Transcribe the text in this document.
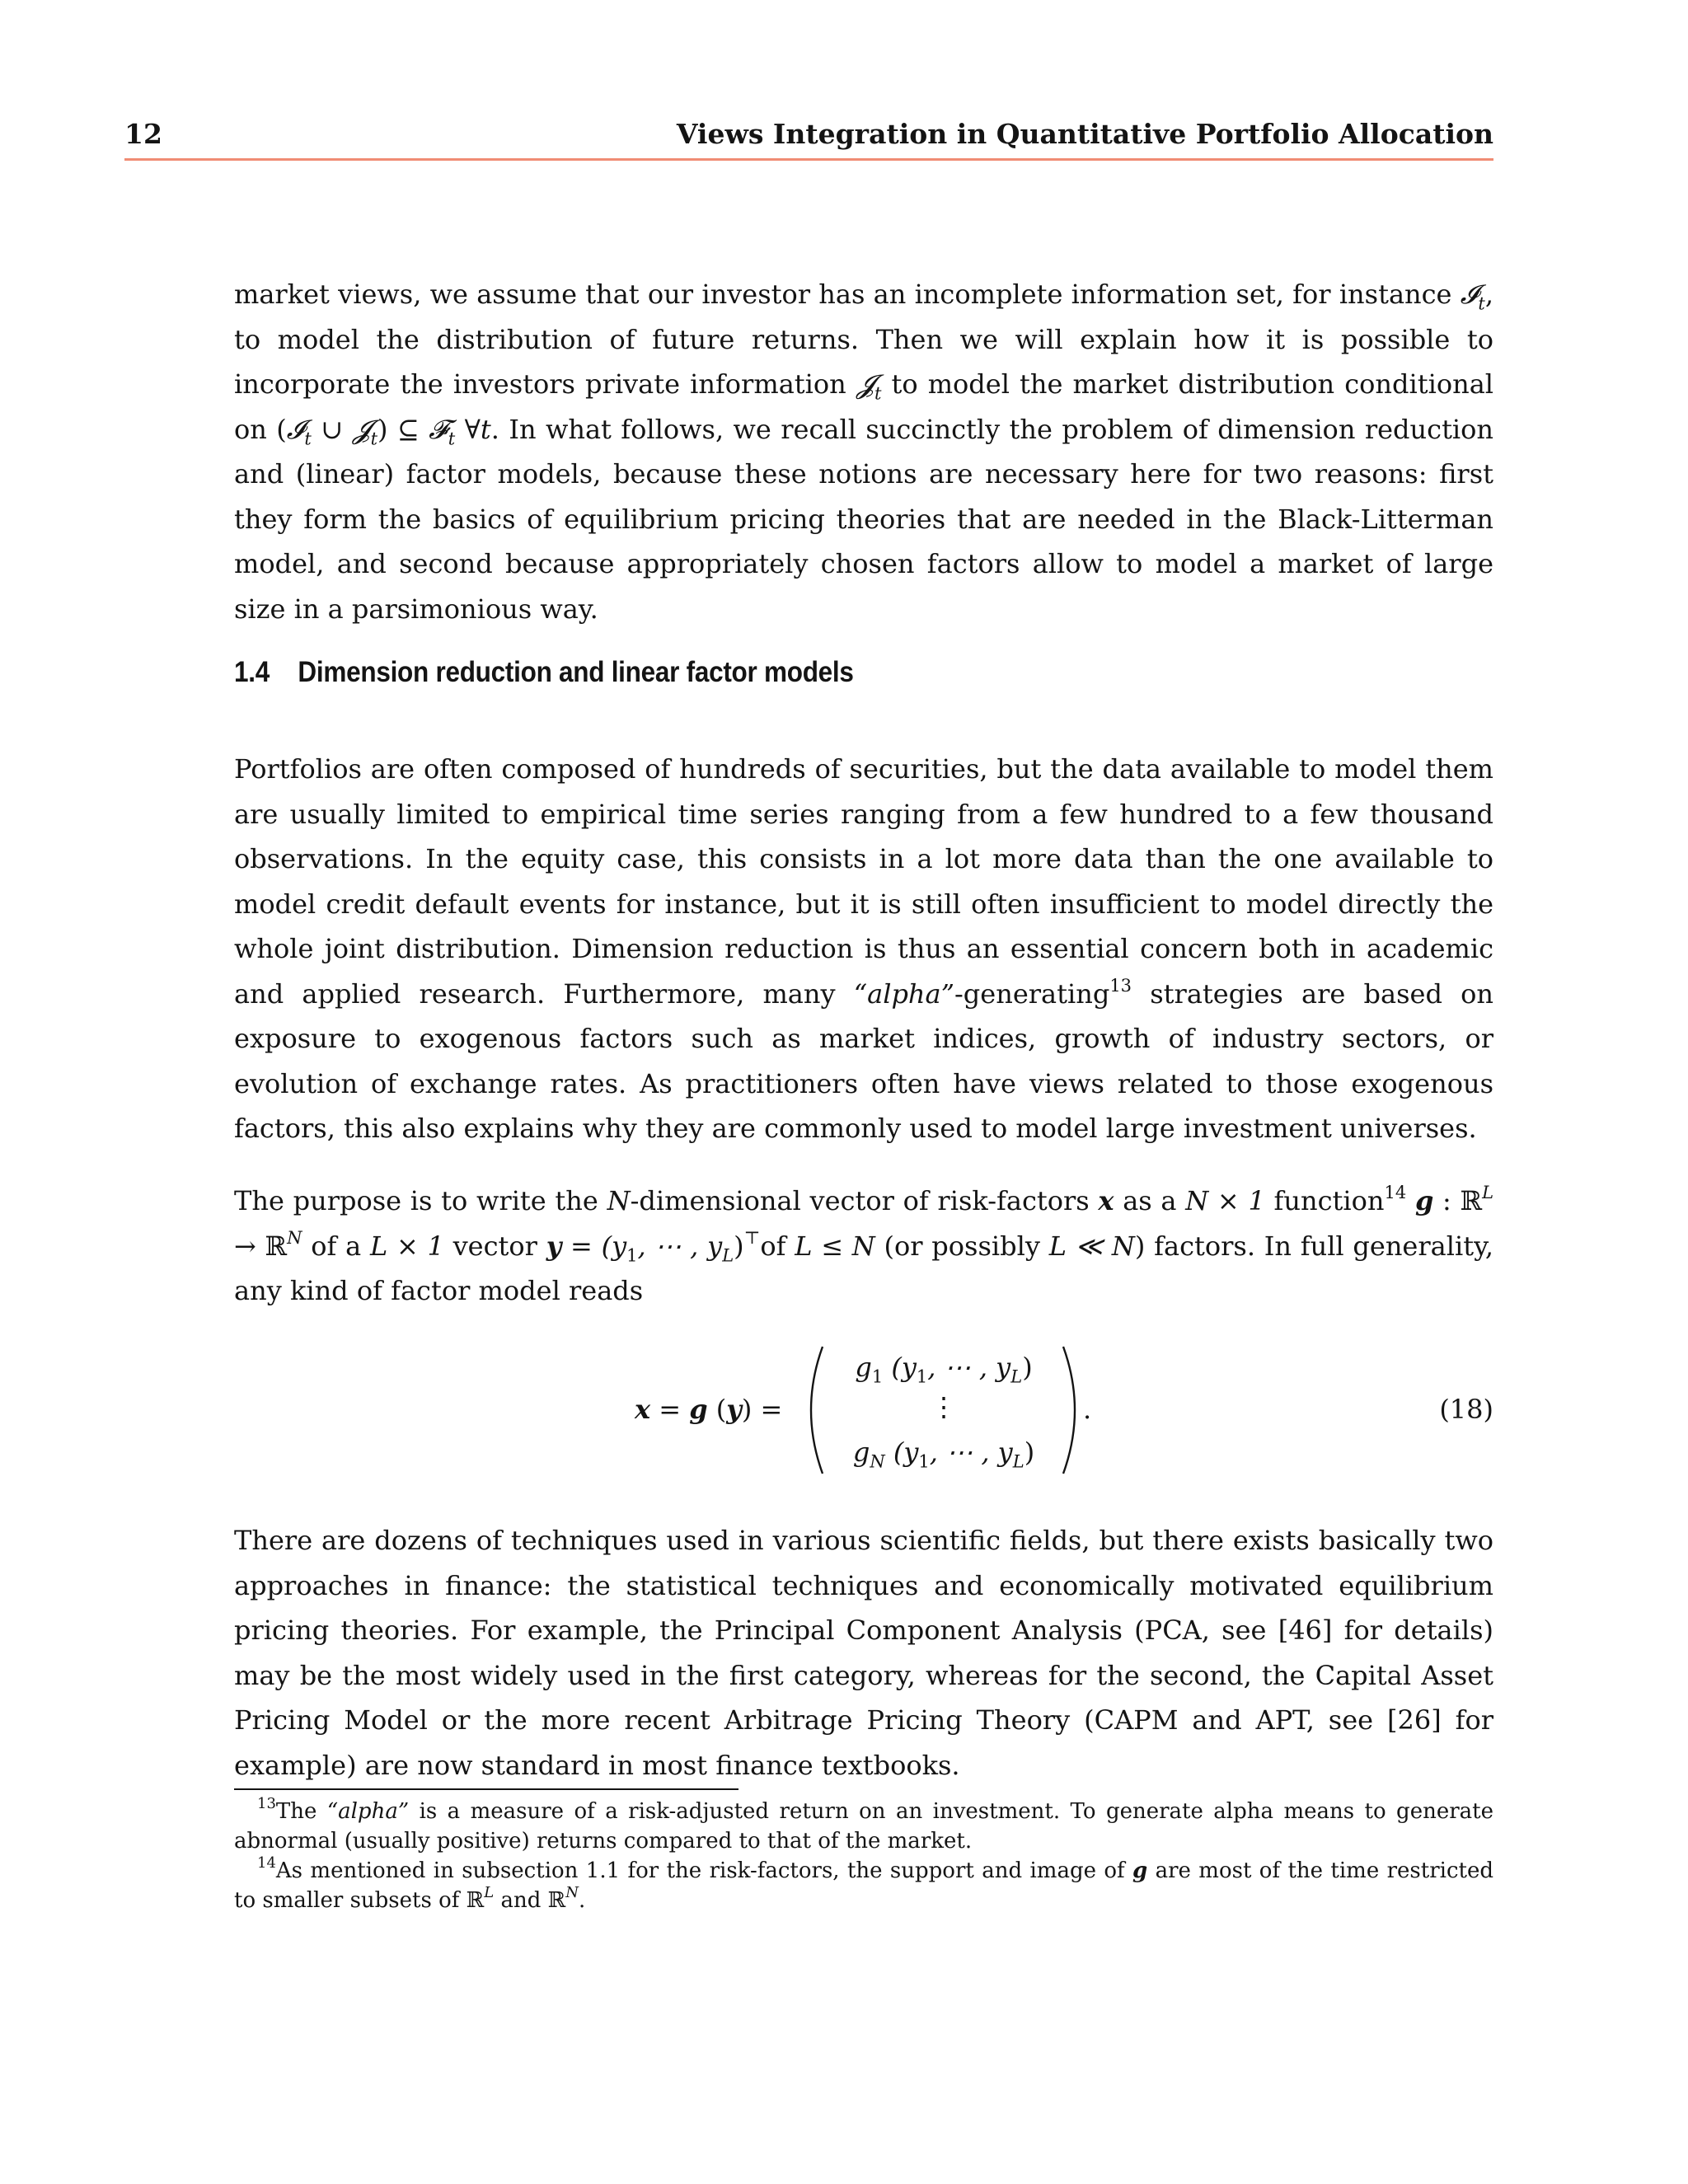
12	Views Integration in Quantitative Portfolio Allocation

market views, we assume that our investor has an incomplete information set, for instance 𝓘$_t$, to model the distribution of future returns. Then we will explain how it is possible to incorporate the investors private information 𝓙$_t$ to model the market distribution conditional on (𝓘$_t$ ∪ 𝓙$_t$) ⊆ 𝓕$_t$ ∀t. In what follows, we recall succinctly the problem of dimension reduction and (linear) factor models, because these notions are necessary here for two reasons: first they form the basics of equilibrium pricing theories that are needed in the Black-Litterman model, and second because appropriately chosen factors allow to model a market of large size in a parsimonious way.

1.4 Dimension reduction and linear factor models

Portfolios are often composed of hundreds of securities, but the data available to model them are usually limited to empirical time series ranging from a few hundred to a few thousand observations. In the equity case, this consists in a lot more data than the one available to model credit default events for instance, but it is still often insufficient to model directly the whole joint distribution. Dimension reduction is thus an essential concern both in academic and applied research. Furthermore, many “alpha”-generating$^{13}$ strategies are based on exposure to exogenous factors such as market indices, growth of industry sectors, or evolution of exchange rates. As practitioners often have views related to those exogenous factors, this also explains why they are commonly used to model large investment universes.

The purpose is to write the N-dimensional vector of risk-factors x as a N × 1 function$^{14}$ g : ℝ$^L$ → ℝ$^N$ of a L × 1 vector $y = (y_1$, ⋯ , $y_L)^⊤of$ L ≤ N (or possibly L ≪ N) factors. In full generality, any kind of factor model reads

x = g (y) =
$g_1$ ($y_1$, ⋯ , $y_L$)
⋮
$g_N$ ($y_1$, ⋯ , $y_L$)
.	(18)

There are dozens of techniques used in various scientific fields, but there exists basically two approaches in finance: the statistical techniques and economically motivated equilibrium pricing theories. For example, the Principal Component Analysis (PCA, see [46] for details) may be the most widely used in the first category, whereas for the second, the Capital Asset Pricing Model or the more recent Arbitrage Pricing Theory (CAPM and APT, see [26] for example) are now standard in most finance textbooks.

$^{13}$The “alpha” is a measure of a risk-adjusted return on an investment. To generate alpha means to generate abnormal (usually positive) returns compared to that of the market.

$^{14}$As mentioned in subsection 1.1 for the risk-factors, the support and image of g are most of the time restricted to smaller subsets of ℝ$^L$ and ℝ$^N$.
